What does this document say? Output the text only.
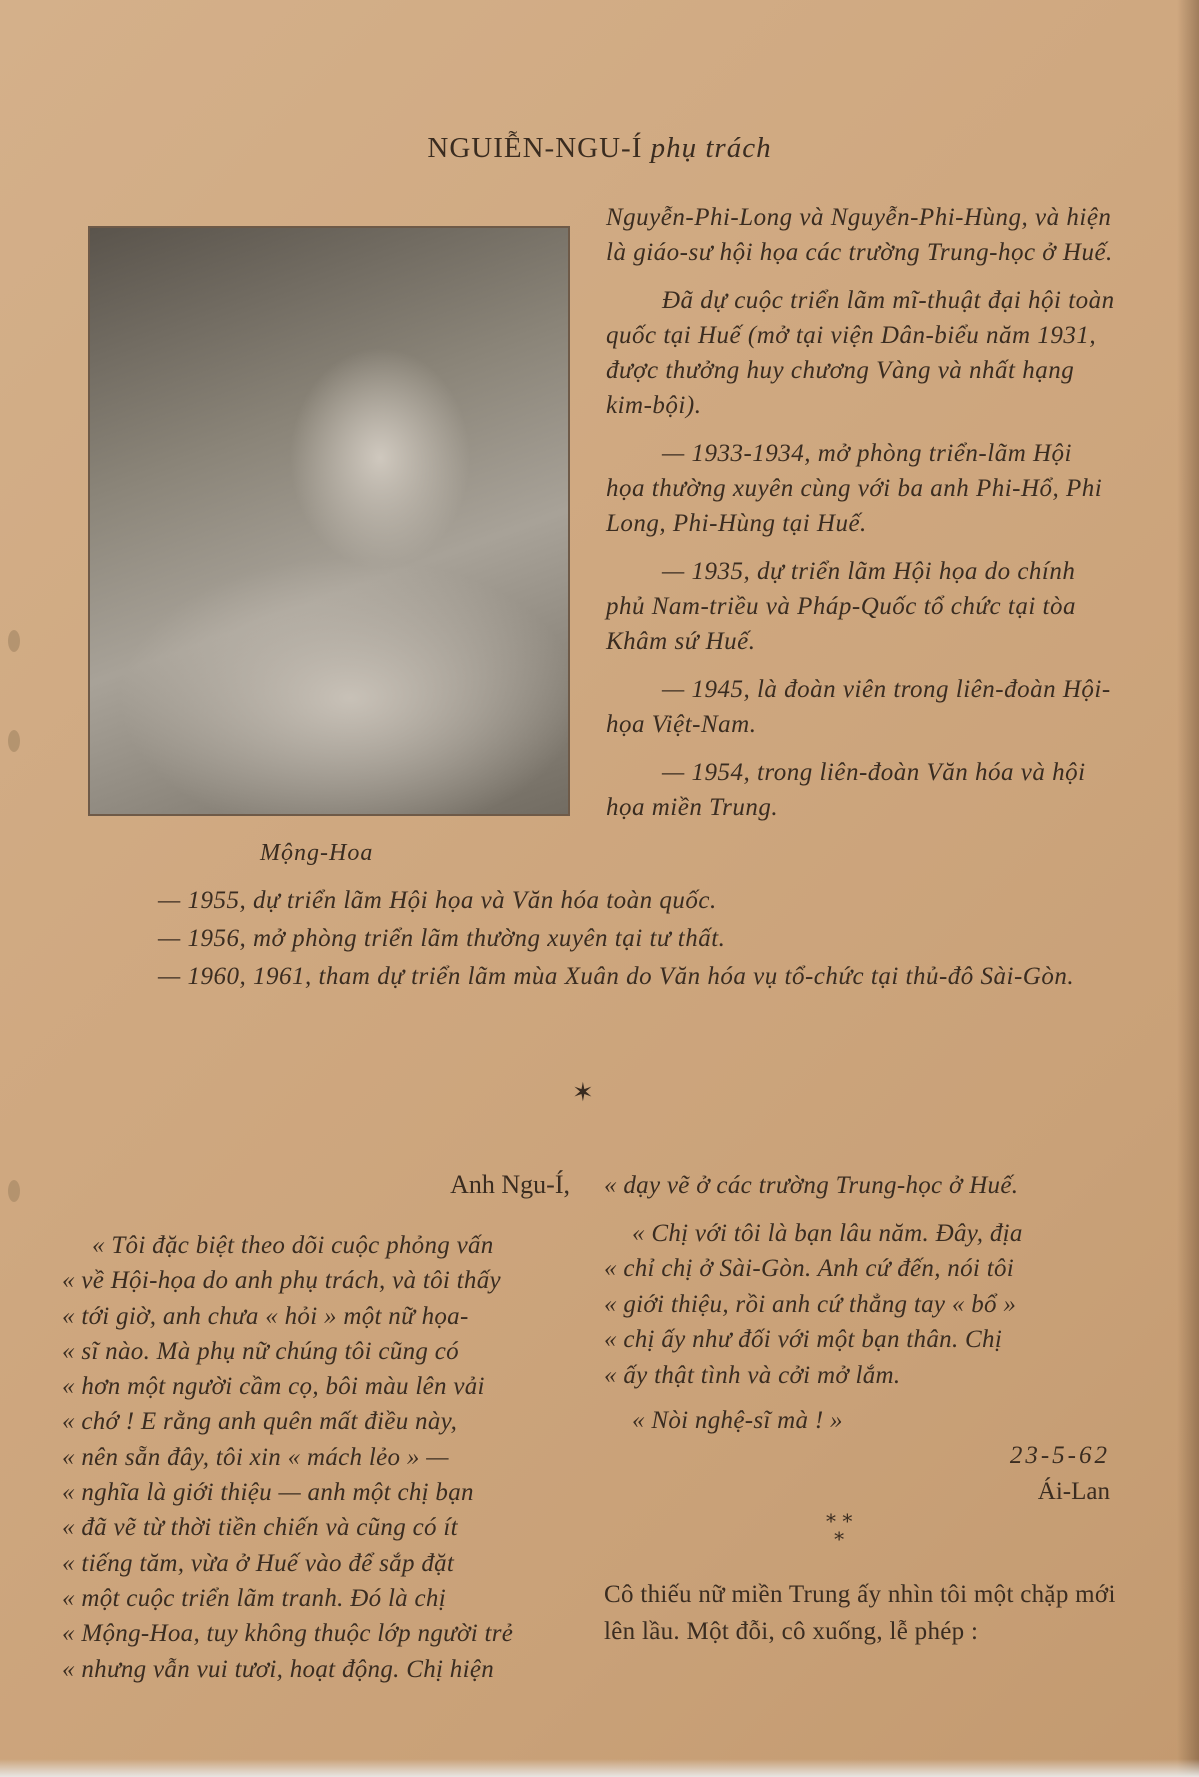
NGUIỄN-NGU-Í phụ trách
Mộng-Hoa

Nguyễn-Phi-Long và Nguyễn-Phi-Hùng, và hiện là giáo-sư hội họa các trường Trung-học ở Huế.

Đã dự cuộc triển lãm mĩ-thuật đại hội toàn quốc tại Huế (mở tại viện Dân-biểu năm 1931, được thưởng huy chương Vàng và nhất hạng kim-bội).

— 1933-1934, mở phòng triển-lãm Hội họa thường xuyên cùng với ba anh Phi-Hổ, Phi Long, Phi-Hùng tại Huế.

— 1935, dự triển lãm Hội họa do chính phủ Nam-triều và Pháp-Quốc tổ chức tại tòa Khâm sứ Huế.

— 1945, là đoàn viên trong liên-đoàn Hội-họa Việt-Nam.

— 1954, trong liên-đoàn Văn hóa và hội họa miền Trung.

— 1955, dự triển lãm Hội họa và Văn hóa toàn quốc.

— 1956, mở phòng triển lãm thường xuyên tại tư thất.

— 1960, 1961, tham dự triển lãm mùa Xuân do Văn hóa vụ tổ-chức tại thủ-đô Sài-Gòn.

✶
Anh Ngu-Í,

« Tôi đặc biệt theo dõi cuộc phỏng vấn

« về Hội-họa do anh phụ trách, và tôi thấy

« tới giờ, anh chưa « hỏi » một nữ họa-

« sĩ nào. Mà phụ nữ chúng tôi cũng có

« hơn một người cầm cọ, bôi màu lên vải

« chớ ! E rằng anh quên mất điều này,

« nên sẵn đây, tôi xin « mách lẻo » —

« nghĩa là giới thiệu — anh một chị bạn

« đã vẽ từ thời tiền chiến và cũng có ít

« tiếng tăm, vừa ở Huế vào để sắp đặt

« một cuộc triển lãm tranh. Đó là chị

« Mộng-Hoa, tuy không thuộc lớp người trẻ

« nhưng vẫn vui tươi, hoạt động. Chị hiện

« dạy vẽ ở các trường Trung-học ở Huế.

« Chị với tôi là bạn lâu năm. Đây, địa

« chỉ chị ở Sài-Gòn. Anh cứ đến, nói tôi

« giới thiệu, rồi anh cứ thẳng tay « bổ »

« chị ấy như đối với một bạn thân. Chị

« ấy thật tình và cởi mở lắm.

« Nòi nghệ-sĩ mà ! »

23-5-62
Ái-Lan
* *
*
Cô thiếu nữ miền Trung ấy nhìn tôi một chặp mới lên lầu. Một đỗi, cô xuống, lễ phép :
